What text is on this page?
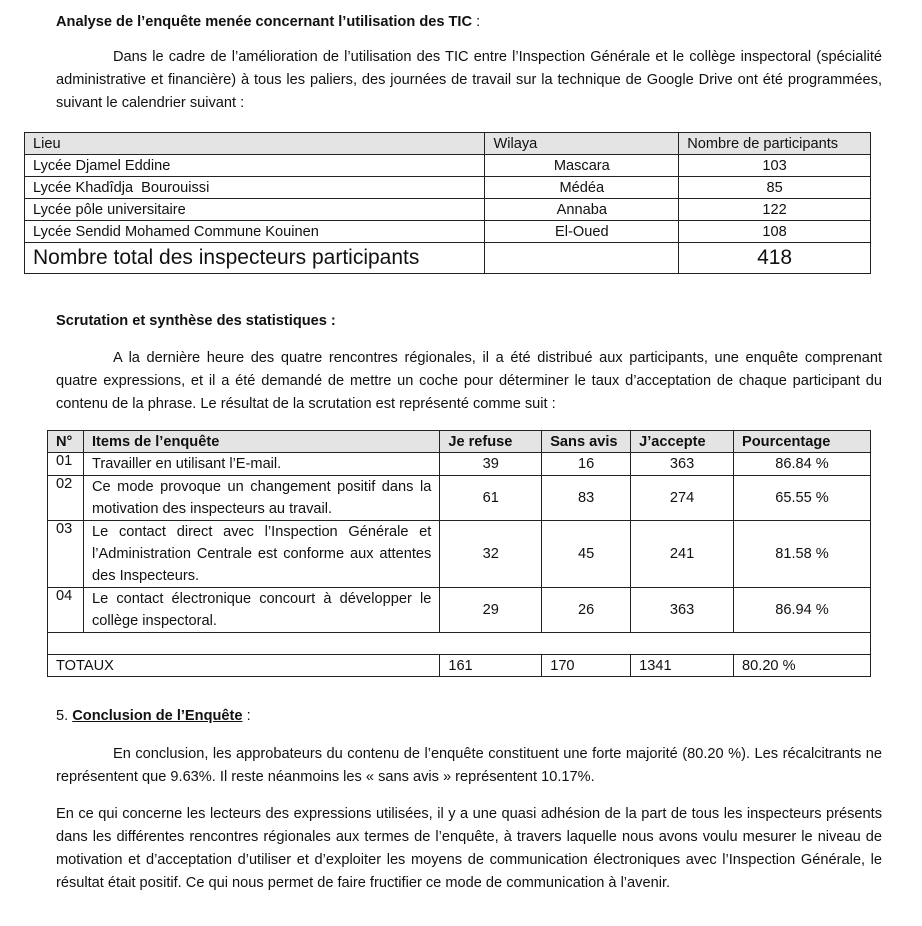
Analyse de l’enquête menée concernant l’utilisation des TIC :
Dans le cadre de l’amélioration de l’utilisation des TIC entre l’Inspection Générale et le collège inspectoral (spécialité administrative et financière) à tous les paliers, des journées de travail sur la technique de Google Drive ont été programmées, suivant le calendrier suivant :
Lieu	Wilaya	Nombre de participants
Lycée Djamel Eddine	Mascara	103
Lycée Khadîdja  Bourouissi	Médéa	85
Lycée pôle universitaire	Annaba	122
Lycée Sendid Mohamed Commune Kouinen	El-Oued	108
Nombre total des inspecteurs participants		418
Scrutation et synthèse des statistiques :
A la dernière heure des quatre rencontres régionales, il a été distribué aux participants, une enquête comprenant quatre expressions, et il a été demandé de mettre un coche pour déterminer le taux d’acceptation de chaque participant du contenu de la phrase. Le résultat de la scrutation est représenté comme suit :
N°	Items de l’enquête	Je refuse	Sans avis	J’accepte	Pourcentage
01	Travailler en utilisant l’E-mail.	39	16	363	86.84 %
02	Ce mode provoque un changement positif dans la motivation des inspecteurs au travail.	61	83	274	65.55 %
03	Le contact direct avec l’Inspection Générale et l’Administration Centrale est conforme aux attentes des Inspecteurs.	32	45	241	81.58 %
04	Le contact électronique concourt à développer le collège inspectoral.	29	26	363	86.94 %

TOTAUX		161	170	1341	80.20 %
5. Conclusion de l’Enquête :
En conclusion, les approbateurs du contenu de l’enquête constituent une forte majorité (80.20 %). Les récalcitrants ne représentent que 9.63%. Il reste néanmoins les « sans avis » représentent 10.17%.
En ce qui concerne les lecteurs des expressions utilisées, il y a une quasi adhésion de la part de tous les inspecteurs présents dans les différentes rencontres régionales aux termes de l’enquête, à travers laquelle nous avons voulu mesurer le niveau de motivation et d’acceptation d’utiliser et d’exploiter les moyens de communication électroniques avec l’Inspection Générale, le résultat était positif. Ce qui nous permet de faire fructifier ce mode de communication à l’avenir.
